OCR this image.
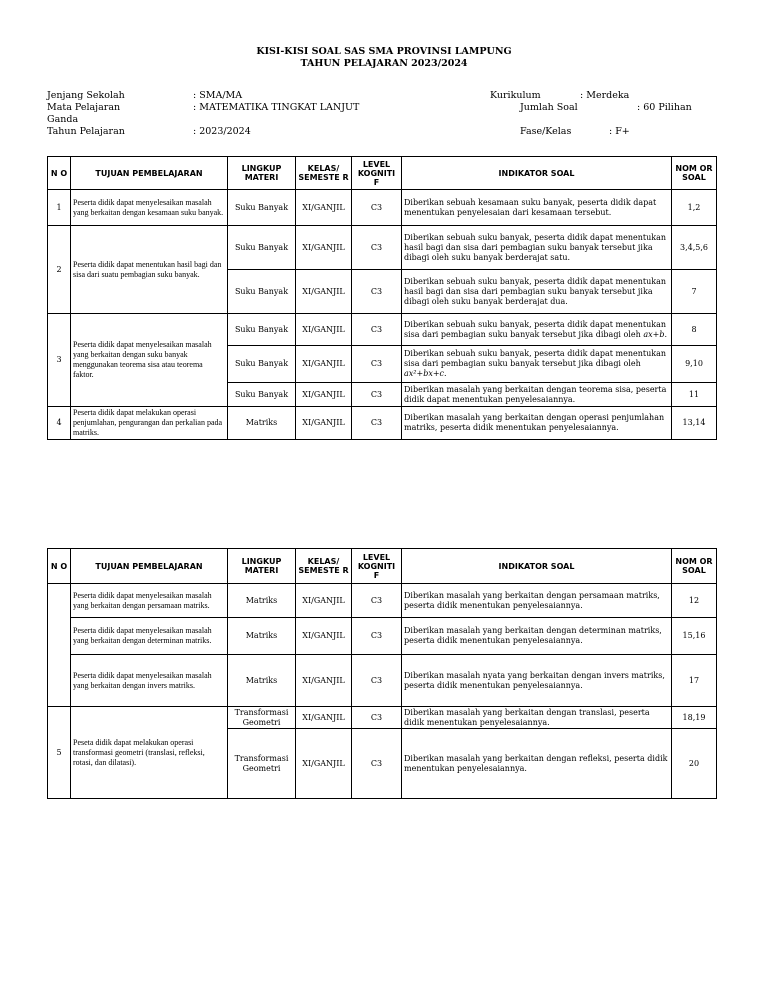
KISI-KISI SOAL SAS SMA PROVINSI LAMPUNG
TAHUN PELAJARAN 2023/2024
Jenjang Sekolah	: SMA/MA
Mata Pelajaran	: MATEMATIKA TINGKAT LANJUT
Ganda
Tahun Pelajaran	: 2023/2024
Kurikulum	: Merdeka
Jumlah Soal	: 60 Pilihan
Fase/Kelas	: F+
N O	TUJUAN PEMBELAJARAN	LINGKUP MATERI	KELAS/ SEMESTE R	LEVEL KOGNITI F	INDIKATOR SOAL	NOM OR SOAL
1	Peserta didik dapat menyelesaikan masalah yang berkaitan dengan kesamaan suku banyak.	Suku Banyak	XI/GANJIL	C3	Diberikan sebuah kesamaan suku banyak, peserta didik dapat menentukan penyelesaian dari kesamaan tersebut.	1,2
2	Peserta didik dapat menentukan hasil bagi dan sisa dari suatu pembagian suku banyak.	Suku Banyak	XI/GANJIL	C3	Diberikan sebuah suku banyak, peserta didik dapat menentukan hasil bagi dan sisa dari pembagian suku banyak tersebut jika dibagi oleh suku banyak berderajat satu.	3,4,5,6
		Suku Banyak	XI/GANJIL	C3	Diberikan sebuah suku banyak, peserta didik dapat menentukan hasil bagi dan sisa dari pembagian suku banyak tersebut jika dibagi oleh suku banyak berderajat dua.	7
3	Peserta didik dapat menyelesaikan masalah yang berkaitan dengan suku banyak menggunakan teorema sisa atau teorema faktor.	Suku Banyak	XI/GANJIL	C3	Diberikan sebuah suku banyak, peserta didik dapat menentukan sisa dari pembagian suku banyak tersebut jika dibagi oleh ax+b.	8
		Suku Banyak	XI/GANJIL	C3	Diberikan sebuah suku banyak, peserta didik dapat menentukan sisa dari pembagian suku banyak tersebut jika dibagi oleh ax²+bx+c.	9,10
		Suku Banyak	XI/GANJIL	C3	Diberikan masalah yang berkaitan dengan teorema sisa, peserta didik dapat menentukan penyelesaiannya.	11
4	Peserta didik dapat melakukan operasi penjumlahan, pengurangan dan perkalian pada matriks.	Matriks	XI/GANJIL	C3	Diberikan masalah yang berkaitan dengan operasi penjumlahan matriks, peserta didik menentukan penyelesaiannya.	13,14
N O	TUJUAN PEMBELAJARAN	LINGKUP MATERI	KELAS/ SEMESTE R	LEVEL KOGNITI F	INDIKATOR SOAL	NOM OR SOAL
	Peserta didik dapat menyelesaikan masalah yang berkaitan dengan persamaan matriks.	Matriks	XI/GANJIL	C3	Diberikan masalah yang berkaitan dengan persamaan matriks, peserta didik menentukan penyelesaiannya.	12
	Peserta didik dapat menyelesaikan masalah yang berkaitan dengan determinan matriks.	Matriks	XI/GANJIL	C3	Diberikan masalah yang berkaitan dengan determinan matriks, peserta didik menentukan penyelesaiannya.	15,16
	Peserta didik dapat menyelesaikan masalah yang berkaitan dengan invers matriks.	Matriks	XI/GANJIL	C3	Diberikan masalah nyata yang berkaitan dengan invers matriks, peserta didik menentukan penyelesaiannya.	17
5	Peseta didik dapat melakukan operasi transformasi geometri (translasi, refleksi, rotasi, dan dilatasi).	Transformasi Geometri	XI/GANJIL	C3	Diberikan masalah yang berkaitan dengan translasi, peserta didik menentukan penyelesaiannya.	18,19
		Transformasi Geometri	XI/GANJIL	C3	Diberikan masalah yang berkaitan dengan refleksi, peserta didik menentukan penyelesaiannya.	20
